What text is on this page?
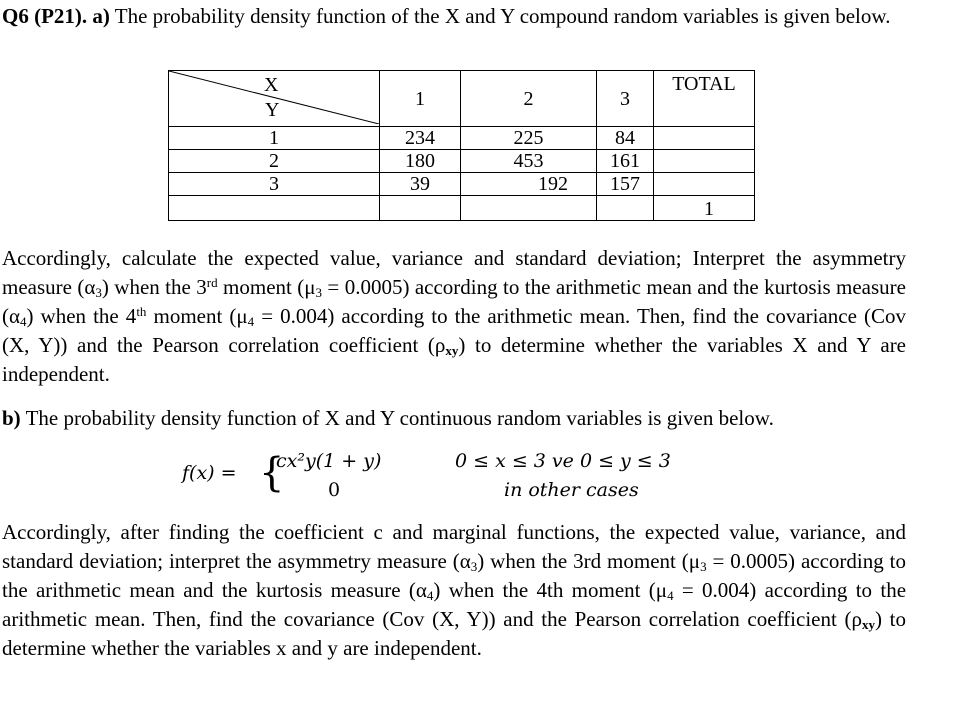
Q6 (P21). a) The probability density function of the X and Y compound random variables is given below.

X
Y	1	2	3	TOTAL
1	234	225	84	
2	180	453	161	
3	39	192	157	
				1

Accordingly, calculate the expected value, variance and standard deviation; Interpret the asymmetry measure $(\alpha_3)$ when the 3rd moment $(\mu_3 = 0.0005)$ according to the arithmetic mean and the kurtosis measure $(\alpha_4)$ when the 4th moment $(\mu_4 = 0.004)$ according to the arithmetic mean. Then, find the covariance (Cov (X, Y)) and the Pearson correlation coefficient $(\rho_{xy})$ to determine whether the variables X and Y are independent.

b) The probability density function of X and Y continuous random variables is given below.

f(x) = {
cx²y(1 + y)
0
0 ≤ x ≤ 3 ve 0 ≤ y ≤ 3
in other cases

Accordingly, after finding the coefficient c and marginal functions, the expected value, variance, and standard deviation; interpret the asymmetry measure $(\alpha_3)$ when the 3rd moment $(\mu_3 = 0.0005)$ according to the arithmetic mean and the kurtosis measure $(\alpha_4)$ when the 4th moment $(\mu_4 = 0.004)$ according to the arithmetic mean. Then, find the covariance (Cov (X, Y)) and the Pearson correlation coefficient $(\rho_{xy})$ to determine whether the variables x and y are independent.
